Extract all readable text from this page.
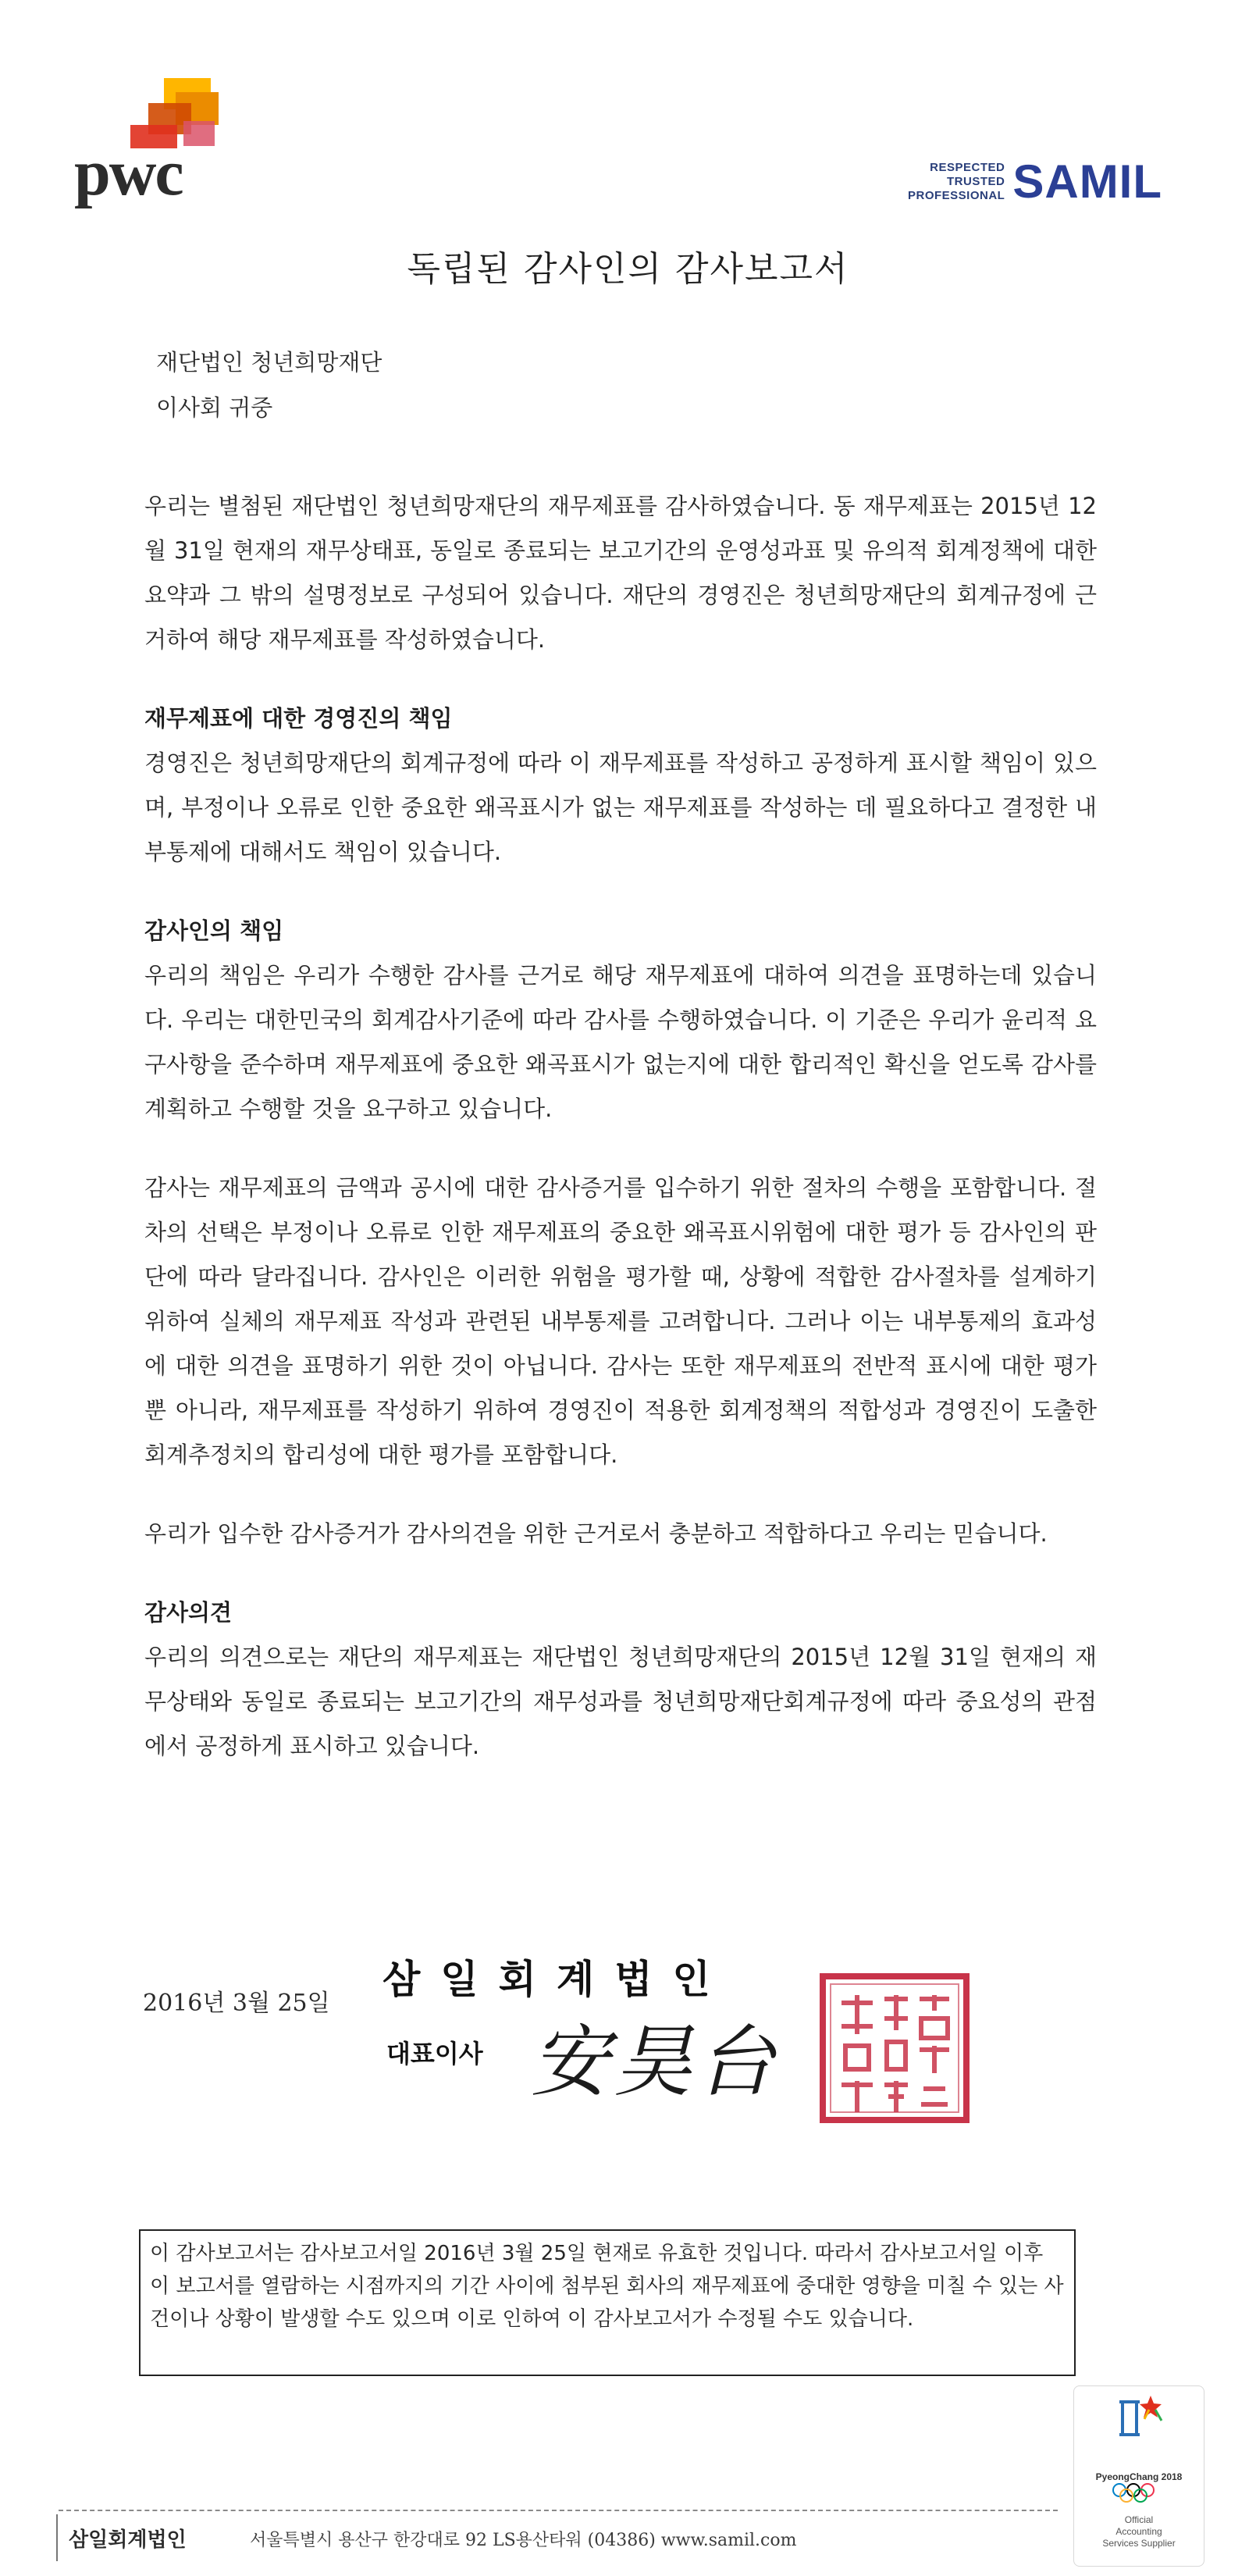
pwc	RESPECTED
TRUSTED
PROFESSIONAL SAMIL
독립된 감사인의 감사보고서
재단법인 청년희망재단
이사회 귀중

우리는 별첨된 재단법인 청년희망재단의 재무제표를 감사하였습니다. 동 재무제표는 2015년 12월 31일 현재의 재무상태표, 동일로 종료되는 보고기간의 운영성과표 및 유의적 회계정책에 대한 요약과 그 밖의 설명정보로 구성되어 있습니다. 재단의 경영진은 청년희망재단의 회계규정에 근거하여 해당 재무제표를 작성하였습니다.

재무제표에 대한 경영진의 책임

경영진은 청년희망재단의 회계규정에 따라 이 재무제표를 작성하고 공정하게 표시할 책임이 있으며, 부정이나 오류로 인한 중요한 왜곡표시가 없는 재무제표를 작성하는 데 필요하다고 결정한 내부통제에 대해서도 책임이 있습니다.

감사인의 책임

우리의 책임은 우리가 수행한 감사를 근거로 해당 재무제표에 대하여 의견을 표명하는데 있습니다. 우리는 대한민국의 회계감사기준에 따라 감사를 수행하였습니다. 이 기준은 우리가 윤리적 요구사항을 준수하며 재무제표에 중요한 왜곡표시가 없는지에 대한 합리적인 확신을 얻도록 감사를 계획하고 수행할 것을 요구하고 있습니다.

감사는 재무제표의 금액과 공시에 대한 감사증거를 입수하기 위한 절차의 수행을 포함합니다. 절차의 선택은 부정이나 오류로 인한 재무제표의 중요한 왜곡표시위험에 대한 평가 등 감사인의 판단에 따라 달라집니다. 감사인은 이러한 위험을 평가할 때, 상황에 적합한 감사절차를 설계하기 위하여 실체의 재무제표 작성과 관련된 내부통제를 고려합니다. 그러나 이는 내부통제의 효과성에 대한 의견을 표명하기 위한 것이 아닙니다. 감사는 또한 재무제표의 전반적 표시에 대한 평가뿐 아니라, 재무제표를 작성하기 위하여 경영진이 적용한 회계정책의 적합성과 경영진이 도출한 회계추정치의 합리성에 대한 평가를 포함합니다.

우리가 입수한 감사증거가 감사의견을 위한 근거로서 충분하고 적합하다고 우리는 믿습니다.

감사의견

우리의 의견으로는 재단의 재무제표는 재단법인 청년희망재단의 2015년 12월 31일 현재의 재무상태와 동일로 종료되는 보고기간의 재무성과를 청년희망재단회계규정에 따라 중요성의 관점에서 공정하게 표시하고 있습니다.

2016년 3월 25일
삼일회계법인
대표이사 安昊台
이 감사보고서는 감사보고서일 2016년 3월 25일 현재로 유효한 것입니다. 따라서 감사보고서일 이후 이 보고서를 열람하는 시점까지의 기간 사이에 첨부된 회사의 재무제표에 중대한 영향을 미칠 수 있는 사건이나 상황이 발생할 수도 있으며 이로 인하여 이 감사보고서가 수정될 수도 있습니다.
PyeongChang 2018
Official
Accounting
Services Supplier
삼일회계법인	서울특별시 용산구 한강대로 92 LS용산타워 (04386) www.samil.com
